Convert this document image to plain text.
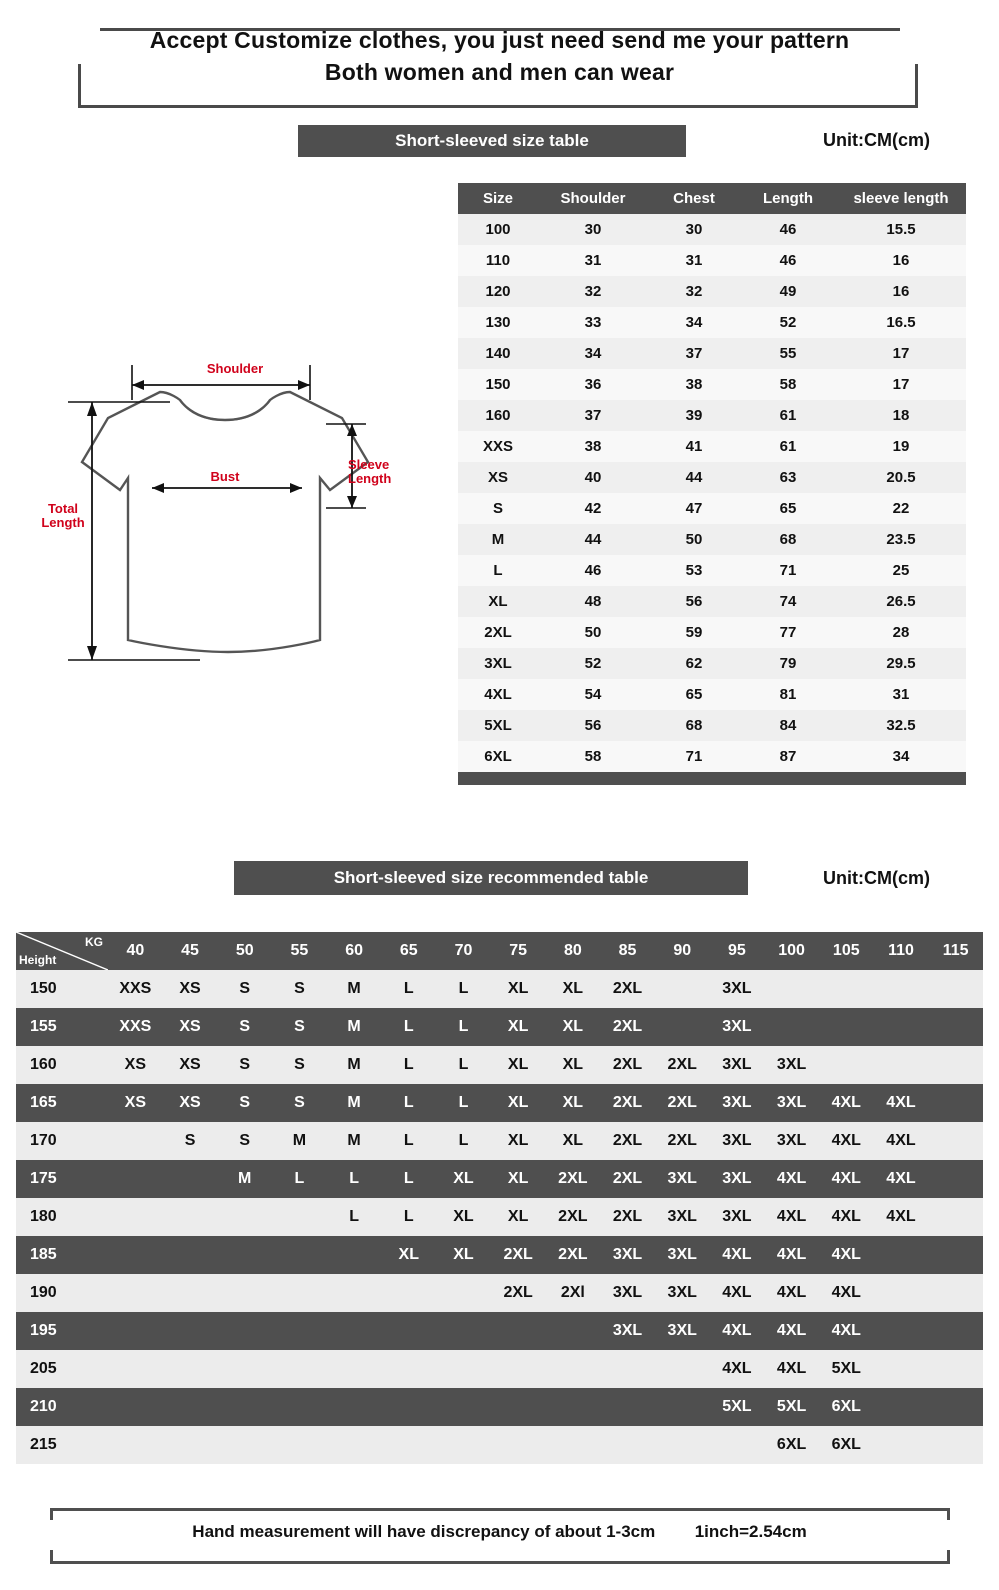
Accept Customize clothes, you just need send me your pattern
Both women and men can wear
Short-sleeved size table	Unit:CM(cm)
Shoulder
Bust
Sleeve
Length
Total
Length
Size	Shoulder	Chest	Length	sleeve length
100	30	30	46	15.5
110	31	31	46	16
120	32	32	49	16
130	33	34	52	16.5
140	34	37	55	17
150	36	38	58	17
160	37	39	61	18
XXS	38	41	61	19
XS	40	44	63	20.5
S	42	47	65	22
M	44	50	68	23.5
L	46	53	71	25
XL	48	56	74	26.5
2XL	50	59	77	28
3XL	52	62	79	29.5
4XL	54	65	81	31
5XL	56	68	84	32.5
6XL	58	71	87	34

Short-sleeved size recommended table	Unit:CM(cm)
KG
Height	40	45	50	55	60	65	70	75	80	85	90	95	100	105	110	115
150	XXS	XS	S	S	M	L	L	XL	XL	2XL		3XL				
155	XXS	XS	S	S	M	L	L	XL	XL	2XL		3XL				
160	XS	XS	S	S	M	L	L	XL	XL	2XL	2XL	3XL	3XL			
165	XS	XS	S	S	M	L	L	XL	XL	2XL	2XL	3XL	3XL	4XL	4XL	
170		S	S	M	M	L	L	XL	XL	2XL	2XL	3XL	3XL	4XL	4XL	
175			M	L	L	L	XL	XL	2XL	2XL	3XL	3XL	4XL	4XL	4XL	
180					L	L	XL	XL	2XL	2XL	3XL	3XL	4XL	4XL	4XL	
185						XL	XL	2XL	2XL	3XL	3XL	4XL	4XL	4XL		
190								2XL	2Xl	3XL	3XL	4XL	4XL	4XL		
195										3XL	3XL	4XL	4XL	4XL		
205												4XL	4XL	5XL		
210												5XL	5XL	6XL		
215													6XL	6XL		
Hand measurement will have discrepancy of about 1-3cm 1inch=2.54cm
